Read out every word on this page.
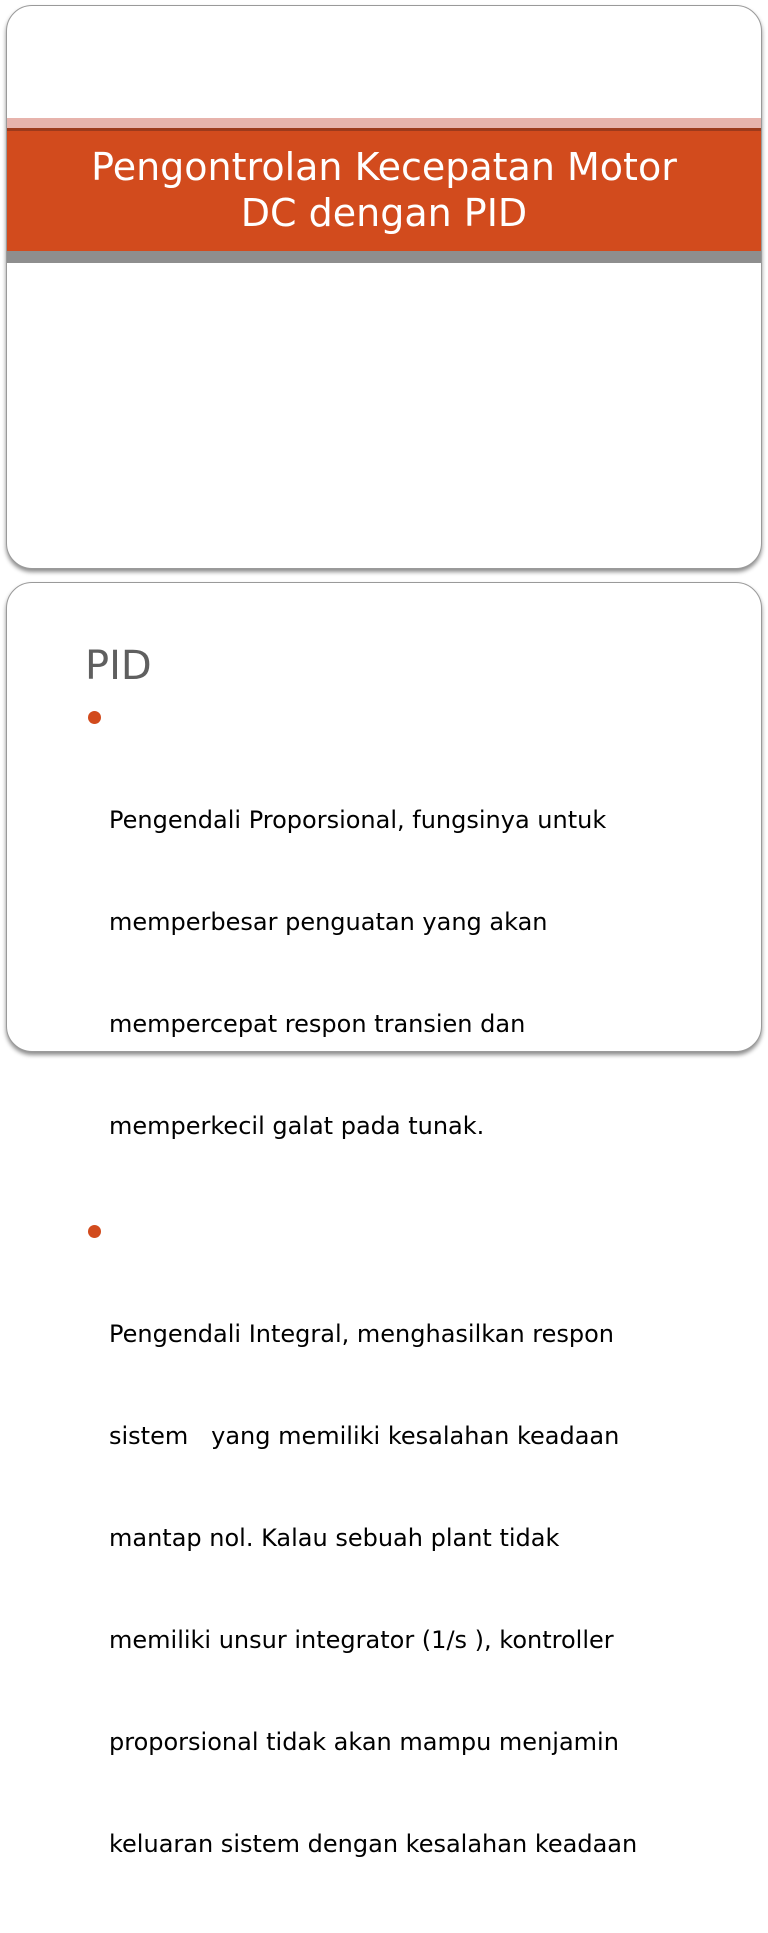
Pengontrolan Kecepatan Motor
DC dengan PID
PID

Pengendali Proporsional, fungsinya untuk

memperbesar penguatan yang akan

mempercepat respon transien dan

memperkecil galat pada tunak.

Pengendali Integral, menghasilkan respon

sistem   yang memiliki kesalahan keadaan

mantap nol. Kalau sebuah plant tidak

memiliki unsur integrator (1/s ), kontroller

proporsional tidak akan mampu menjamin

keluaran sistem dengan kesalahan keadaan
